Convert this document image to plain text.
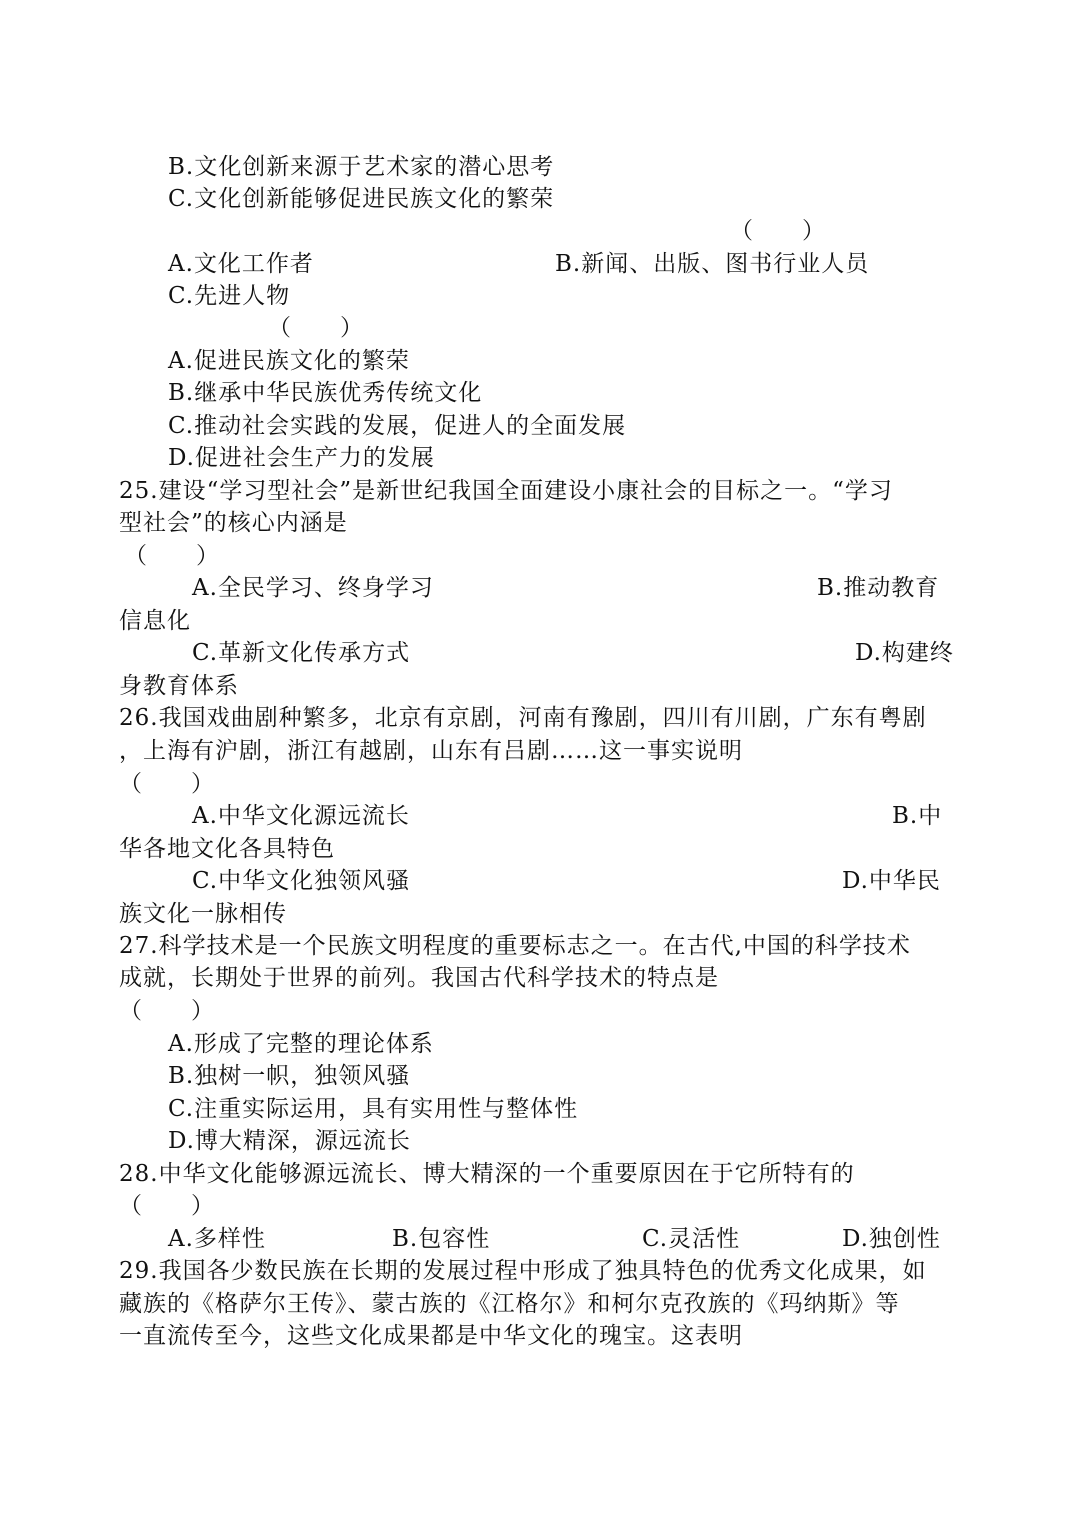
B.文化创新来源于艺术家的潜心思考
C.文化创新能够促进民族文化的繁荣
（　　）
A.文化工作者	B.新闻、出版、图书行业人员
C.先进人物
（　　）
A.促进民族文化的繁荣
B.继承中华民族优秀传统文化
C.推动社会实践的发展，促进人的全面发展
D.促进社会生产力的发展
25.建设“学习型社会”是新世纪我国全面建设小康社会的目标之一。“学习
型社会”的核心内涵是
（　　）
A.全民学习、终身学习	B.推动教育
信息化
C.革新文化传承方式	D.构建终
身教育体系
26.我国戏曲剧种繁多，北京有京剧，河南有豫剧，四川有川剧，广东有粤剧
，上海有沪剧，浙江有越剧，山东有吕剧……这一事实说明
（　　）
A.中华文化源远流长	B.中
华各地文化各具特色
C.中华文化独领风骚	D.中华民
族文化一脉相传
27.科学技术是一个民族文明程度的重要标志之一。在古代,中国的科学技术
成就，长期处于世界的前列。我国古代科学技术的特点是
（　　）
A.形成了完整的理论体系
B.独树一帜，独领风骚
C.注重实际运用，具有实用性与整体性
D.博大精深，源远流长
28.中华文化能够源远流长、博大精深的一个重要原因在于它所特有的
（　　）
A.多样性	B.包容性	C.灵活性	D.独创性
29.我国各少数民族在长期的发展过程中形成了独具特色的优秀文化成果，如
藏族的《格萨尔王传》、蒙古族的《江格尔》和柯尔克孜族的《玛纳斯》等
一直流传至今，这些文化成果都是中华文化的瑰宝。这表明
